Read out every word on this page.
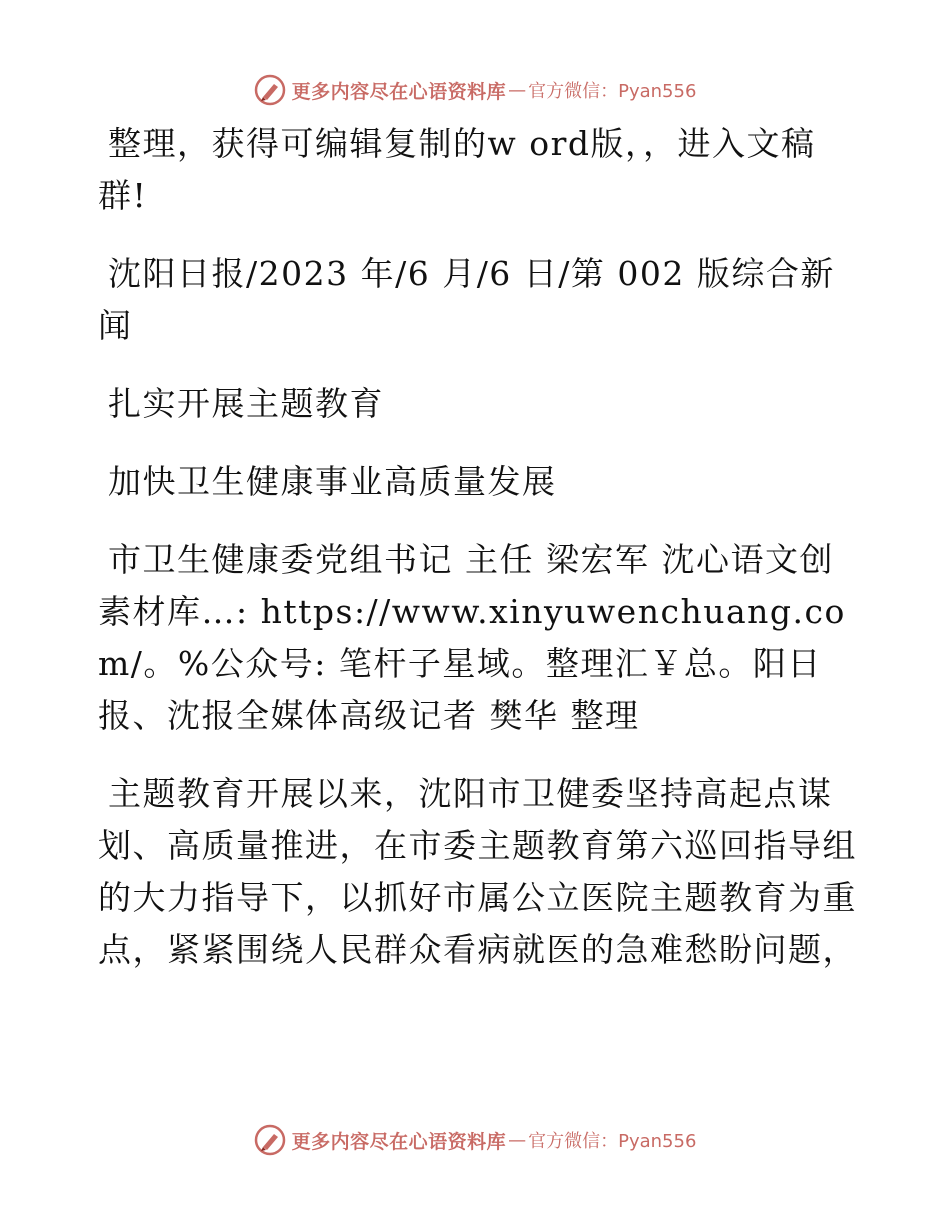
更多内容尽在心语资料库 — 官方微信：Pyan556

整理，获得可编辑复制的w ord版，，进入文稿群!

沈阳日报/2023 年/6 月/6 日/第 002 版综合新闻

扎实开展主题教育

加快卫生健康事业高质量发展

市卫生健康委党组书记 主任 梁宏军 沈心语文创素材库…: https://www.xinyuwenchuang.com/。%公众号: 笔杆子星域。整理汇￥总。阳日报、沈报全媒体高级记者 樊华 整理

主题教育开展以来，沈阳市卫健委坚持高起点谋划、高质量推进，在市委主题教育第六巡回指导组的大力指导下，以抓好市属公立医院主题教育为重点，紧紧围绕人民群众看病就医的急难愁盼问题，

更多内容尽在心语资料库 — 官方微信：Pyan556
